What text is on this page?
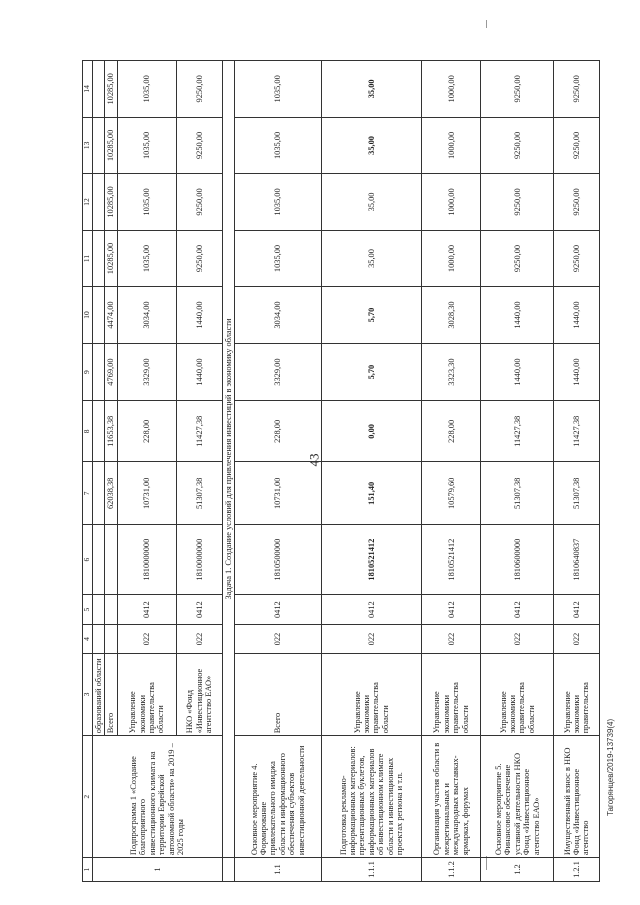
43
Тагорянцев/2019-13739(4)
1	2	3	4	5	6	7	8	9	10	11	12	13	14
1	Подпрограмма 1 «Создание благоприятного инвестиционного климата на территории Еврейской автономной области» на 2019 – 2025 годы	образований области											
		Всего				62038,38	11653,38	4769,00	4474,00	10285,00	10285,00	10285,00	10285,00
		Управление экономики правительства области	022	0412	1810000000	10731,00	228,00	3329,00	3034,00	1035,00	1035,00	1035,00	1035,00
		НКО «Фонд «Инвестиционное агентство ЕАО»	022	0412	1810000000	51307,38	11427,38	1440,00	1440,00	9250,00	9250,00	9250,00	9250,00
	Задача 1. Создание условий для привлечения инвестиций в экономику области												
1.1	Основное мероприятие 4. Формирование привлекательного имиджа области и информационного обеспечения субъектов инвестиционной деятельности	Всего	022	0412	1810500000	10731,00	228,00	3329,00	3034,00	1035,00	1035,00	1035,00	1035,00
1.1.1	Подготовка рекламно-информационных материалов: презентационных буклетов, информационных материалов об инвестиционном климате области и инвестиционных проектах региона и т.п.	Управление экономики правительства области	022	0412	1810521412	151,40	0,00	5,70	5,70	35,00	35,00	35,00	35,00
1.1.2	Организация участия области в межрегиональных и международных выставках-ярмарках, форумах	Управление экономики правительства области	022	0412	1810521412	10579,60	228,00	3323,30	3028,30	1000,00	1000,00	1000,00	1000,00
1.2	Основное мероприятие 5. Финансовое обеспечение уставной деятельности НКО Фонд «Инвестиционное агентство ЕАО»	Управление экономики правительства области	022	0412	1810600000	51307,38	11427,38	1440,00	1440,00	9250,00	9250,00	9250,00	9250,00
1.2.1	Имущественный взнос в НКО Фонд «Инвестиционное агентство	Управление экономики правительства	022	0412	1810640837	51307,38	11427,38	1440,00	1440,00	9250,00	9250,00	9250,00	9250,00
